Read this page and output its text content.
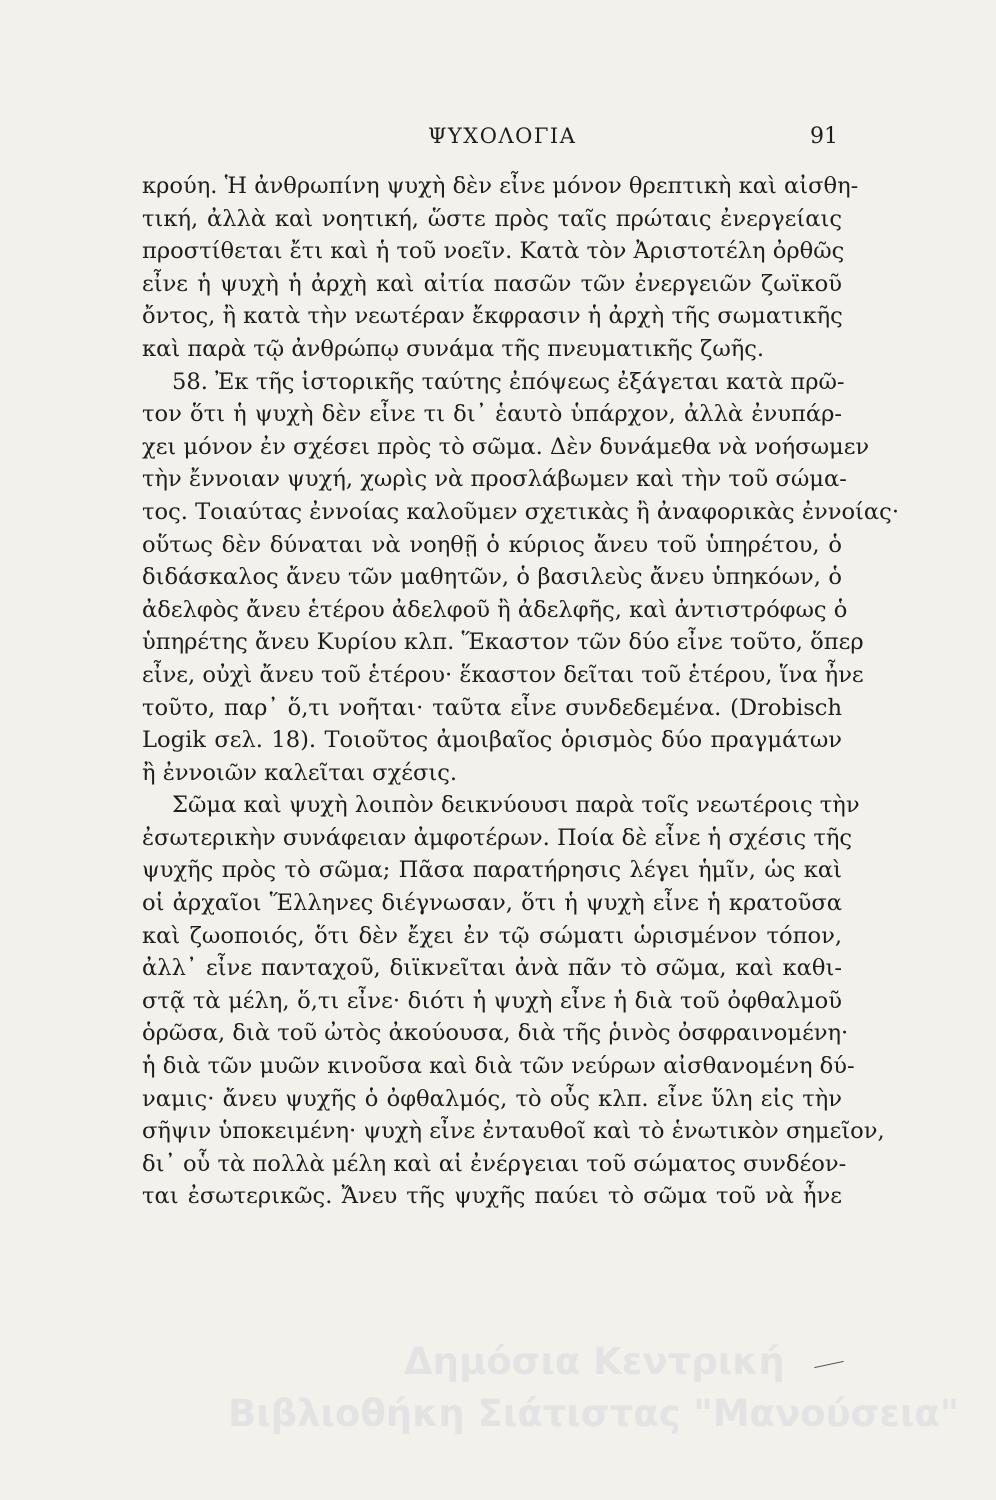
ΨΥΧΟΛΟΓΙΑ	91
κρούη. Ἡ ἀνθρωπίνη ψυχὴ δὲν εἶνε μόνον θρεπτικὴ καὶ αἰσθη-
τική, ἀλλὰ καὶ νοητική, ὥστε πρὸς ταῖς πρώταις ἐνεργείαις
προστίθεται ἔτι καὶ ἡ τοῦ νοεῖν. Κατὰ τὸν Ἀριστοτέλη ὀρθῶς
εἶνε ἡ ψυχὴ ἡ ἀρχὴ καὶ αἰτία πασῶν τῶν ἐνεργειῶν ζωϊκοῦ
ὄντος, ἢ κατὰ τὴν νεωτέραν ἔκφρασιν ἡ ἀρχὴ τῆς σωματικῆς
καὶ παρὰ τῷ ἀνθρώπῳ συνάμα τῆς πνευματικῆς ζωῆς.
58. Ἐκ τῆς ἱστορικῆς ταύτης ἐπόψεως ἐξάγεται κατὰ πρῶ-
τον ὅτι ἡ ψυχὴ δὲν εἶνε τι δι᾽ ἑαυτὸ ὑπάρχον, ἀλλὰ ἐνυπάρ-
χει μόνον ἐν σχέσει πρὸς τὸ σῶμα. Δὲν δυνάμεθα νὰ νοήσωμεν
τὴν ἔννοιαν ψυχή, χωρὶς νὰ προσλάβωμεν καὶ τὴν τοῦ σώμα-
τος. Τοιαύτας ἐννοίας καλοῦμεν σχετικὰς ἢ ἀναφορικὰς ἐννοίας·
οὕτως δὲν δύναται νὰ νοηθῇ ὁ κύριος ἄνευ τοῦ ὑπηρέτου, ὁ
διδάσκαλος ἄνευ τῶν μαθητῶν, ὁ βασιλεὺς ἄνευ ὑπηκόων, ὁ
ἀδελφὸς ἄνευ ἑτέρου ἀδελφοῦ ἢ ἀδελφῆς, καὶ ἀντιστρόφως ὁ
ὑπηρέτης ἄνευ Κυρίου κλπ. Ἕκαστον τῶν δύο εἶνε τοῦτο, ὅπερ
εἶνε, οὐχὶ ἄνευ τοῦ ἑτέρου· ἕκαστον δεῖται τοῦ ἑτέρου, ἵνα ἦνε
τοῦτο, παρ᾽ ὅ,τι νοῆται· ταῦτα εἶνε συνδεδεμένα. (Drobisch
Logik σελ. 18). Τοιοῦτος ἀμοιβαῖος ὁρισμὸς δύο πραγμάτων
ἢ ἐννοιῶν καλεῖται σχέσις.
Σῶμα καὶ ψυχὴ λοιπὸν δεικνύουσι παρὰ τοῖς νεωτέροις τὴν
ἐσωτερικὴν συνάφειαν ἀμφοτέρων. Ποία δὲ εἶνε ἡ σχέσις τῆς
ψυχῆς πρὸς τὸ σῶμα; Πᾶσα παρατήρησις λέγει ἡμῖν, ὡς καὶ
οἱ ἀρχαῖοι Ἕλληνες διέγνωσαν, ὅτι ἡ ψυχὴ εἶνε ἡ κρατοῦσα
καὶ ζωοποιός, ὅτι δὲν ἔχει ἐν τῷ σώματι ὡρισμένον τόπον,
ἀλλ᾽ εἶνε πανταχοῦ, διϊκνεῖται ἀνὰ πᾶν τὸ σῶμα, καὶ καθι-
στᾷ τὰ μέλη, ὅ,τι εἶνε· διότι ἡ ψυχὴ εἶνε ἡ διὰ τοῦ ὀφθαλμοῦ
ὁρῶσα, διὰ τοῦ ὠτὸς ἀκούουσα, διὰ τῆς ῥινὸς ὀσφραινομένη·
ἡ διὰ τῶν μυῶν κινοῦσα καὶ διὰ τῶν νεύρων αἰσθανομένη δύ-
ναμις· ἄνευ ψυχῆς ὁ ὀφθαλμός, τὸ οὖς κλπ. εἶνε ὕλη εἰς τὴν
σῆψιν ὑποκειμένη· ψυχὴ εἶνε ἐνταυθοῖ καὶ τὸ ἑνωτικὸν σημεῖον,
δι᾽ οὗ τὰ πολλὰ μέλη καὶ αἱ ἐνέργειαι τοῦ σώματος συνδέον-
ται ἐσωτερικῶς. Ἄνευ τῆς ψυχῆς παύει τὸ σῶμα τοῦ νὰ ἦνε
Δημόσια Κεντρική
Βιβλιοθήκη Σιάτιστας "Μανούσεια"
